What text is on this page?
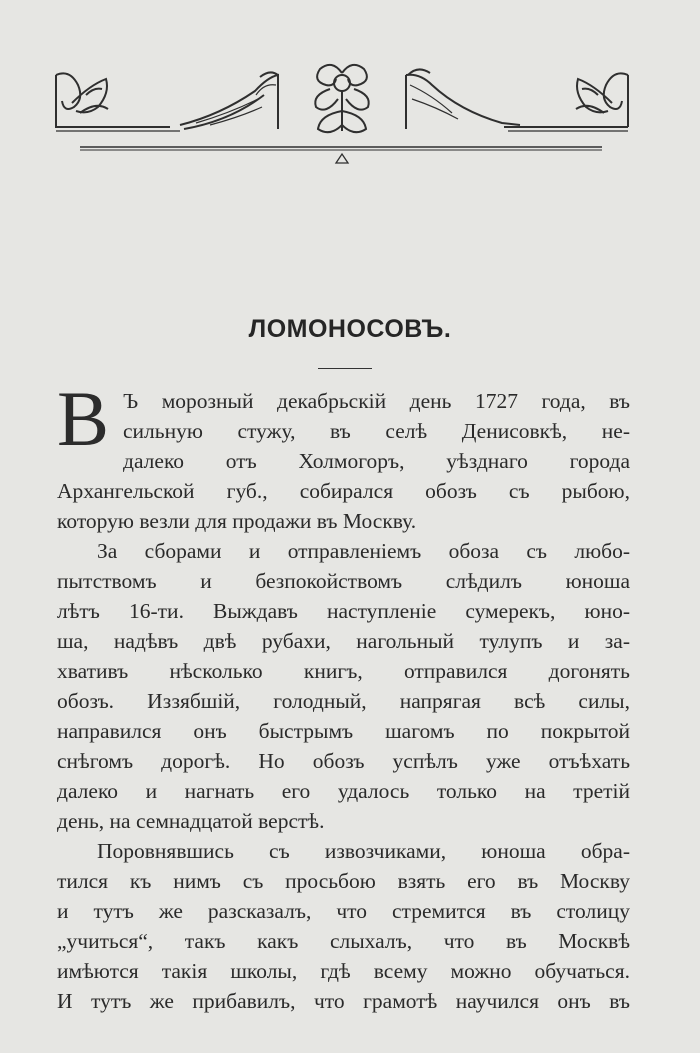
ЛОМОНОСОВЪ.
В Ъ морозный декабрьскій день 1727 года, въ
сильную стужу, въ селѣ Денисовкѣ, не-
далеко отъ Холмогоръ, уѣзднаго города
Архангельской губ., собирался обозъ съ рыбою,
которую везли для продажи въ Москву.
За сборами и отправленіемъ обоза съ любо-
пытствомъ и безпокойствомъ слѣдилъ юноша
лѣтъ 16-ти. Выждавъ наступленіе сумерекъ, юно-
ша, надѣвъ двѣ рубахи, нагольный тулупъ и за-
хвативъ нѣсколько книгъ, отправился догонять
обозъ. Иззябшій, голодный, напрягая всѣ силы,
направился онъ быстрымъ шагомъ по покрытой
снѣгомъ дорогѣ. Но обозъ успѣлъ уже отъѣхать
далеко и нагнать его удалось только на третій
день, на семнадцатой верстѣ.
Поровнявшись съ извозчиками, юноша обра-
тился къ нимъ съ просьбою взять его въ Москву
и тутъ же разсказалъ, что стремится въ столицу
„учиться“, такъ какъ слыхалъ, что въ Москвѣ
имѣются такія школы, гдѣ всему можно обучаться.
И тутъ же прибавилъ, что грамотѣ научился онъ въ
